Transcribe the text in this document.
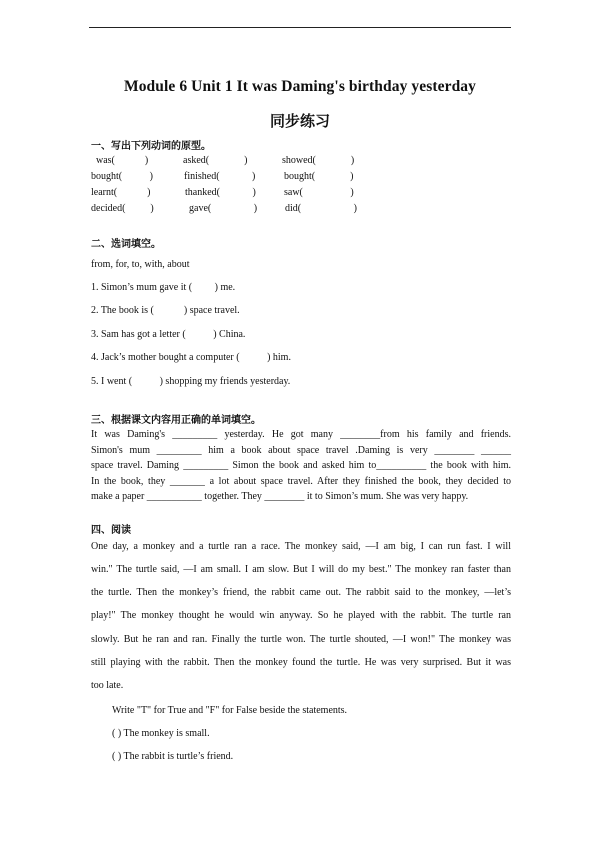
Module 6 Unit 1 It was Daming's birthday yesterday
同步练习
一、写出下列动词的原型。
was(            )	asked(              )	showed(              )
bought(           )	finished(             )	bought(              )
learnt(            )	thanked(             )	saw(                   )
decided(          )	gave(                 )	did(                     )
二、选词填空。
from, for, to, with, about
1. Simon’s mum gave it (         ) me.
2. The book is (            ) space travel.
3. Sam has got a letter (           ) China.
4. Jack’s mother bought a computer (           ) him.
5. I went (           ) shopping my friends yesterday.
三、根据课文内容用正确的单词填空。
It was Daming's _________ yesterday. He got many ________from his family and friends.
Simon's mum _________ him a book about space travel .Daming is very ________ ______
space travel. Daming _________ Simon the book and asked him to__________ the book with him.
In the book, they _______ a lot about space travel. After they finished the book, they decided to
make a paper ___________ together. They ________ it to Simon’s mum. She was very happy.
四、阅读
One day, a monkey and a turtle ran a race. The monkey said, —I am big, I can run fast. I will
win." The turtle said, —I am small. I am slow. But I will do my best." The monkey ran faster than
the turtle. Then the monkey’s friend, the rabbit came out. The rabbit said to the monkey, —let’s
play!" The monkey thought he would win anyway. So he played with the rabbit. The turtle ran
slowly. But he ran and ran. Finally the turtle won. The turtle shouted, —I won!" The monkey was
still playing with the rabbit. Then the monkey found the turtle. He was very surprised. But it was
too late.
Write "T" for True and "F" for False beside the statements.
( ) The monkey is small.
( ) The rabbit is turtle’s friend.
